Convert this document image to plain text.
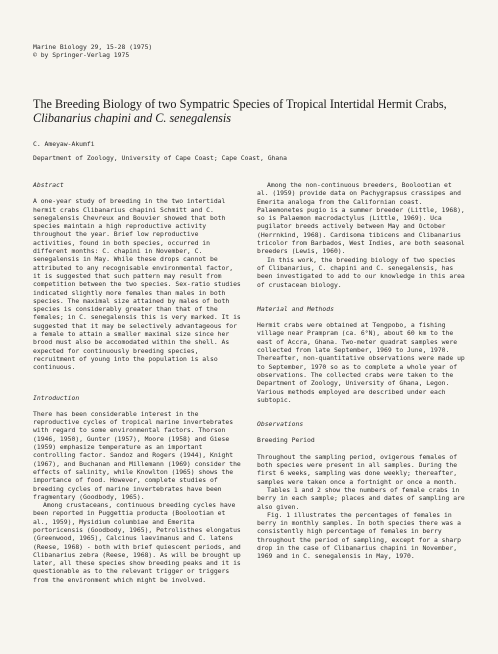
Marine Biology 29, 15-28 (1975)
© by Springer-Verlag 1975
The Breeding Biology of two Sympatric Species of Tropical Intertidal Hermit Crabs,
Clibanarius chapini and C. senegalensis
C. Ameyaw-Akumfi
Department of Zoology, University of Cape Coast; Cape Coast, Ghana
Abstract

A one-year study of breeding in the two intertidal hermit crabs Clibanarius chapini Schmitt and C. senegalensis Chevreux and Bouvier showed that both species maintain a high reproductive activity throughout the year. Brief low reproductive activities, found in both species, occurred in different months: C. chapini in November, C. senegalensis in May. While these drops cannot be attributed to any recognisable environmental factor, it is suggested that such pattern may result from competition between the two species. Sex-ratio studies indicated slightly more females than males in both species. The maximal size attained by males of both species is considerably greater than that of the females; in C. senegalensis this is very marked. It is suggested that it may be selectively advantageous for a female to attain a smaller maximal size since her brood must also be accomodated within the shell. As expected for continuously breeding species, recruitment of young into the population is also continuous.

Introduction

There has been considerable interest in the reproductive cycles of tropical marine invertebrates with regard to some environmental factors. Thorson (1946, 1950), Gunter (1957), Moore (1958) and Giese (1959) emphasize temperature as an important controlling factor. Sandoz and Rogers (1944), Knight (1967), and Buchanan and Millemann (1969) consider the effects of salinity, while Knowlton (1965) shows the importance of food. However, complete studies of breeding cycles of marine invertebrates have been fragmentary (Goodbody, 1965).

Among crustaceans, continuous breeding cycles have been reported in Puggettia producta (Boolootian et al., 1959), Mysidium columbiae and Emerita portoricensis (Goodbody, 1965), Petrolisthes elongatus (Greenwood, 1965), Calcinus laevimanus and C. latens (Reese, 1968) - both with brief quiescent periods, and Clibanarius zebra (Reese, 1968). As will be brought up later, all these species show breeding peaks and it is questionable as to the relevant trigger or triggers from the environment which might be involved.

Among the non-continuous breeders, Boolootian et al. (1959) provide data on Pachygrapsus crassipes and Emerita analoga from the Californian coast. Palaemonetes pugio is a summer breeder (Little, 1968), so is Palaemon macrodactylus (Little, 1969). Uca pugilator breeds actively between May and October (Herrnkind, 1968). Cardisoma tibicens and Clibanarius tricolor from Barbados, West Indies, are both seasonal breeders (Lewis, 1960).

In this work, the breeding biology of two species of Clibanarius, C. chapini and C. senegalensis, has been investigated to add to our knowledge in this area of crustacean biology.

Material and Methods

Hermit crabs were obtained at Tengpobo, a fishing village near Prampram (ca. 6°N), about 60 km to the east of Accra, Ghana. Two-meter quadrat samples were collected from late September, 1969 to June, 1970. Thereafter, non-quantitative observations were made up to September, 1970 so as to complete a whole year of observations. The collected crabs were taken to the Department of Zoology, University of Ghana, Legon. Various methods employed are described under each subtopic.

Observations
Breeding Period

Throughout the sampling period, ovigerous females of both species were present in all samples. During the first 6 weeks, sampling was done weekly; thereafter, samples were taken once a fortnight or once a month.

Tables 1 and 2 show the numbers of female crabs in berry in each sample; places and dates of sampling are also given.

Fig. 1 illustrates the percentages of females in berry in monthly samples. In both species there was a consistently high percentage of females in berry throughout the period of sampling, except for a sharp drop in the case of Clibanarius chapini in November, 1969 and in C. senegalensis in May, 1970.
